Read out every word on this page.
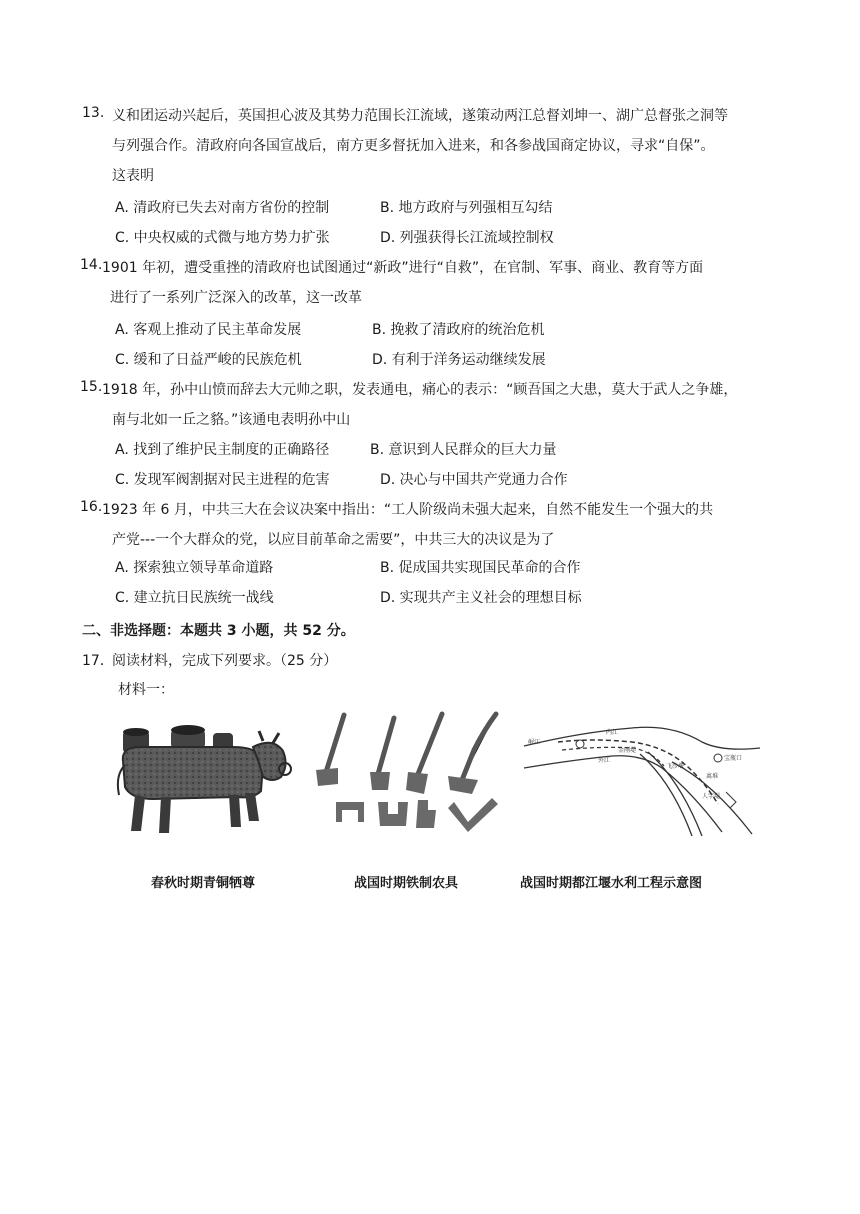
13. 义和团运动兴起后，英国担心波及其势力范围长江流域，遂策动两江总督刘坤一、湖广总督张之洞等
与列强合作。清政府向各国宣战后，南方更多督抚加入进来，和各参战国商定协议，寻求“自保”。
这表明
A. 清政府已失去对南方省份的控制	B. 地方政府与列强相互勾结
C. 中央权威的式微与地方势力扩张	D. 列强获得长江流域控制权
14. 1901 年初，遭受重挫的清政府也试图通过“新政”进行“自救”，在官制、军事、商业、教育等方面
进行了一系列广泛深入的改革，这一改革
A. 客观上推动了民主革命发展	B. 挽救了清政府的统治危机
C. 缓和了日益严峻的民族危机	D. 有利于洋务运动继续发展
15. 1918 年，孙中山愤而辞去大元帅之职，发表通电，痛心的表示：“顾吾国之大患，莫大于武人之争雄，
南与北如一丘之貉。”该通电表明孙中山
A. 找到了维护民主制度的正确路径	B. 意识到人民群众的巨大力量
C. 发现军阀割据对民主进程的危害	D. 决心与中国共产党通力合作
16. 1923 年 6 月，中共三大在会议决案中指出：“工人阶级尚未强大起来，自然不能发生一个强大的共
产党---一个大群众的党，以应目前革命之需要”，中共三大的决议是为了
A. 探索独立领导革命道路	B. 促成国共实现国民革命的合作
C. 建立抗日民族统一战线	D. 实现共产主义社会的理想目标
二、非选择题：本题共 3 小题，共 52 分。
17．
阅读材料，完成下列要求。（25 分）
材料一：
岷江
内江
外江
金刚堤
宝瓶口
离堆
飞沙堰
人字堤
春秋时期青铜牺尊	战国时期铁制农具	战国时期都江堰水利工程示意图
